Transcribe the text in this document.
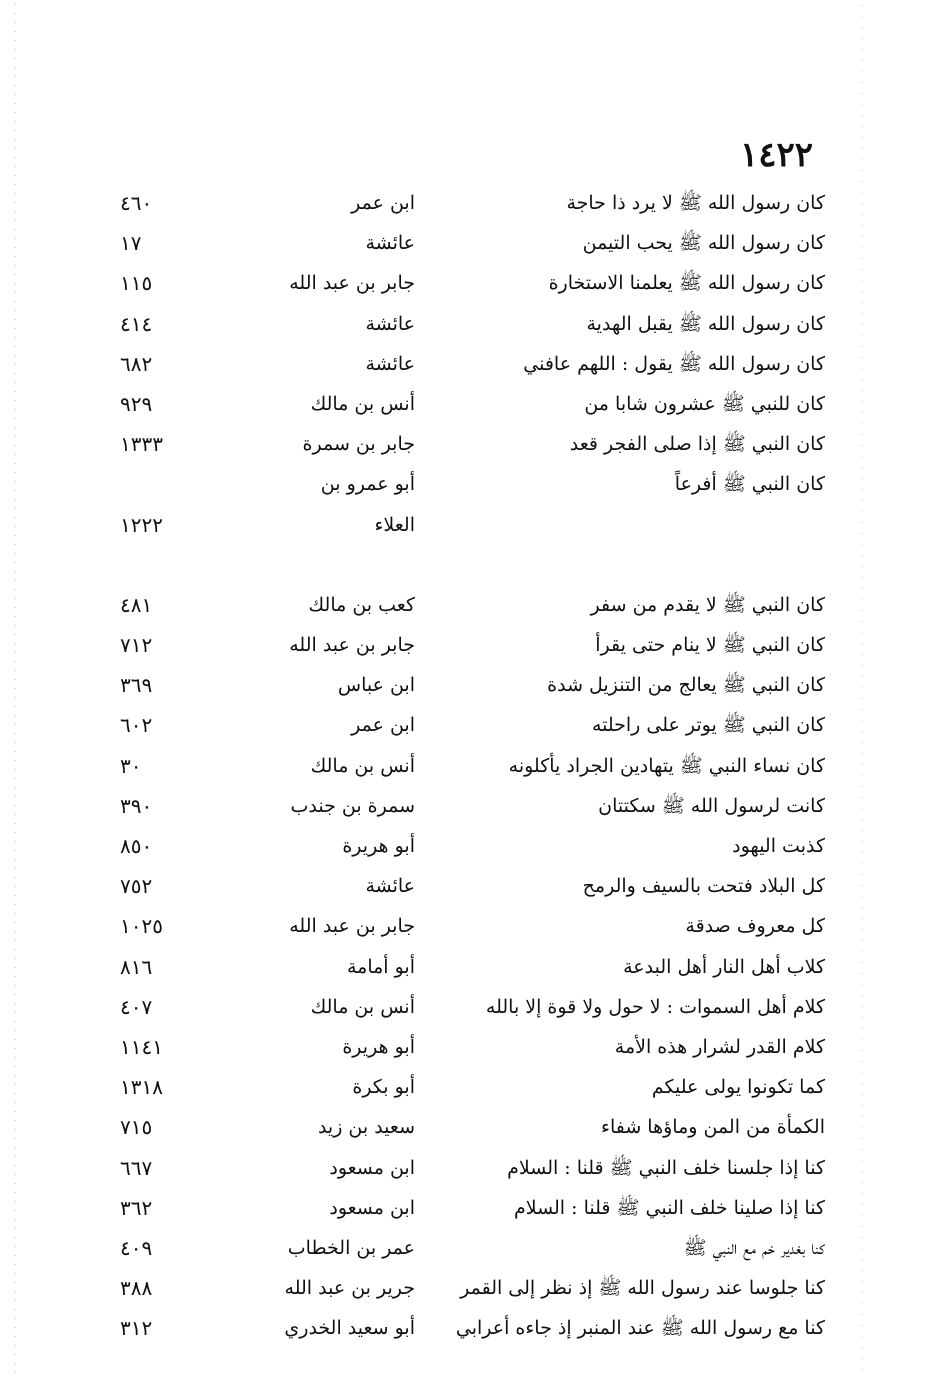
١٤٢٢
كان رسول الله ﷺ لا يرد ذا حاجة
ابن عمر
٤٦٠
كان رسول الله ﷺ يحب التيمن
عائشة
١٧
كان رسول الله ﷺ يعلمنا الاستخارة
جابر بن عبد الله
١١٥
كان رسول الله ﷺ يقبل الهدية
عائشة
٤١٤
كان رسول الله ﷺ يقول : اللهم عافني
عائشة
٦٨٢
كان للنبي ﷺ عشرون شابا من
أنس بن مالك
٩٢٩
كان النبي ﷺ إذا صلى الفجر قعد
جابر بن سمرة
١٣٣٣
كان النبي ﷺ أفرعاً
أبو عمرو بن
العلاء
١٢٢٢
كان النبي ﷺ لا يقدم من سفر
كعب بن مالك
٤٨١
كان النبي ﷺ لا ينام حتى يقرأ
جابر بن عبد الله
٧١٢
كان النبي ﷺ يعالج من التنزيل شدة
ابن عباس
٣٦٩
كان النبي ﷺ يوتر على راحلته
ابن عمر
٦٠٢
كان نساء النبي ﷺ يتهادين الجراد يأكلونه
أنس بن مالك
٣٠
كانت لرسول الله ﷺ سكتتان
سمرة بن جندب
٣٩٠
كذبت اليهود
أبو هريرة
٨٥٠
كل البلاد فتحت بالسيف والرمح
عائشة
٧٥٢
كل معروف صدقة
جابر بن عبد الله
١٠٢٥
كلاب أهل النار أهل البدعة
أبو أمامة
٨١٦
كلام أهل السموات : لا حول ولا قوة إلا بالله
أنس بن مالك
٤٠٧
كلام القدر لشرار هذه الأمة
أبو هريرة
١١٤١
كما تكونوا يولى عليكم
أبو بكرة
١٣١٨
الكمأة من المن وماؤها شفاء
سعيد بن زيد
٧١٥
كنا إذا جلسنا خلف النبي ﷺ قلنا : السلام
ابن مسعود
٦٦٧
كنا إذا صلينا خلف النبي ﷺ قلنا : السلام
ابن مسعود
٣٦٢
كنا بغدير خم مع النبي ﷺ
عمر بن الخطاب
٤٠٩
كنا جلوسا عند رسول الله ﷺ إذ نظر إلى القمر
جرير بن عبد الله
٣٨٨
كنا مع رسول الله ﷺ عند المنبر إذ جاءه أعرابي
أبو سعيد الخدري
٣١٢
